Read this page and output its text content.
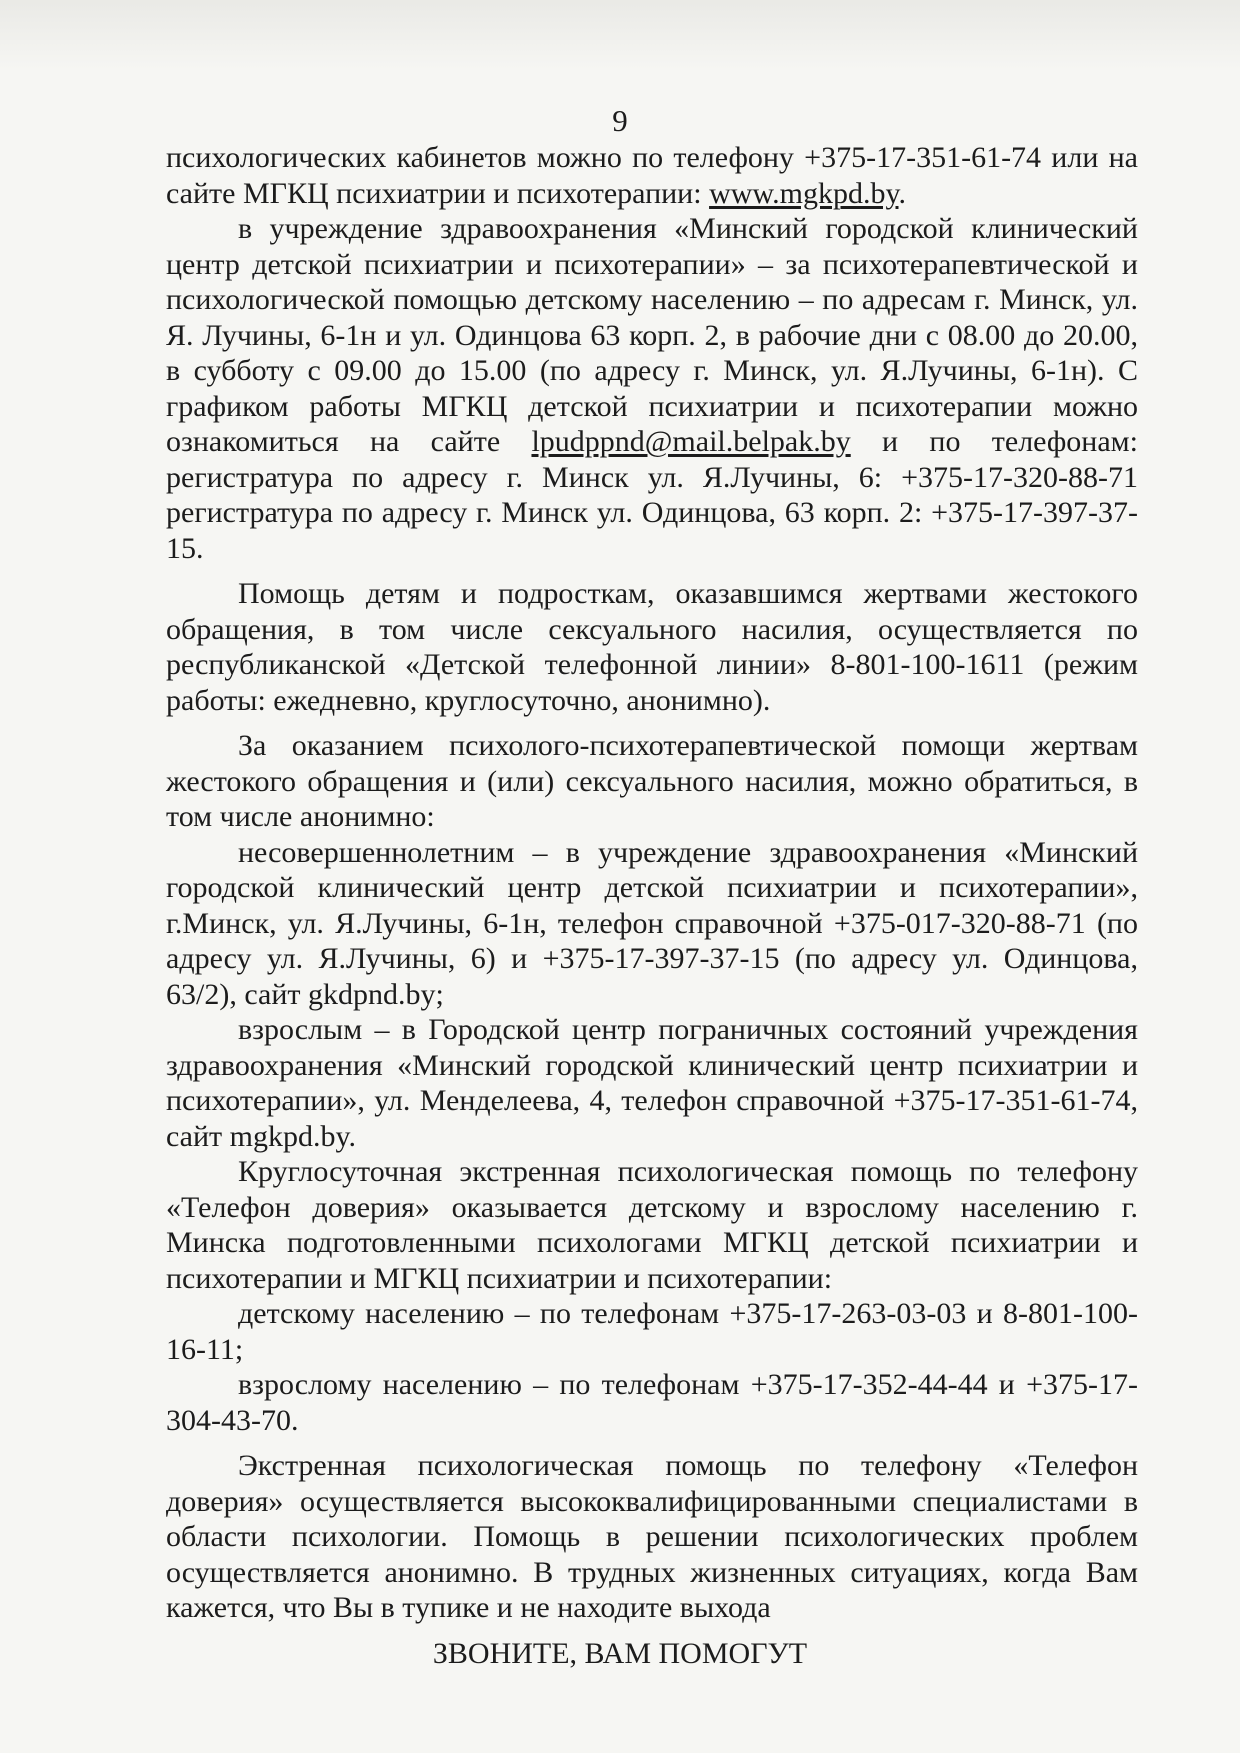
9

психологических кабинетов можно по телефону +375-17-351-61-74 или на сайте МГКЦ психиатрии и психотерапии: www.mgkpd.by.

в учреждение здравоохранения «Минский городской клинический центр детской психиатрии и психотерапии» – за психотерапевтической и психологической помощью детскому населению – по адресам г. Минск, ул. Я. Лучины, 6-1н и ул. Одинцова 63 корп. 2, в рабочие дни с 08.00 до 20.00, в субботу с 09.00 до 15.00 (по адресу г. Минск, ул. Я.Лучины, 6-1н). С графиком работы МГКЦ детской психиатрии и психотерапии можно ознакомиться на сайте lpudppnd@mail.belpak.by и по телефонам: регистратура по адресу г. Минск ул. Я.Лучины, 6: +375-17-320-88-71 регистратура по адресу г. Минск ул. Одинцова, 63 корп. 2: +375-17-397-37-15.

Помощь детям и подросткам, оказавшимся жертвами жестокого обращения, в том числе сексуального насилия, осуществляется по республиканской «Детской телефонной линии» 8-801-100-1611 (режим работы: ежедневно, круглосуточно, анонимно).

За оказанием психолого-психотерапевтической помощи жертвам жестокого обращения и (или) сексуального насилия, можно обратиться, в том числе анонимно:

несовершеннолетним – в учреждение здравоохранения «Минский городской клинический центр детской психиатрии и психотерапии», г.Минск, ул. Я.Лучины, 6-1н, телефон справочной +375-017-320-88-71 (по адресу ул. Я.Лучины, 6) и +375-17-397-37-15 (по адресу ул. Одинцова, 63/2), сайт gkdpnd.by;

взрослым – в Городской центр пограничных состояний учреждения здравоохранения «Минский городской клинический центр психиатрии и психотерапии», ул. Менделеева, 4, телефон справочной +375-17-351-61-74, сайт mgkpd.by.

Круглосуточная экстренная психологическая помощь по телефону «Телефон доверия» оказывается детскому и взрослому населению г. Минска подготовленными психологами МГКЦ детской психиатрии и психотерапии и МГКЦ психиатрии и психотерапии:

детскому населению – по телефонам +375-17-263-03-03 и 8-801-100-16-11;

взрослому населению – по телефонам +375-17-352-44-44 и +375-17-304-43-70.

Экстренная психологическая помощь по телефону «Телефон доверия» осуществляется высококвалифицированными специалистами в области психологии. Помощь в решении психологических проблем осуществляется анонимно. В трудных жизненных ситуациях, когда Вам кажется, что Вы в тупике и не находите выхода

ЗВОНИТЕ, ВАМ ПОМОГУТ
